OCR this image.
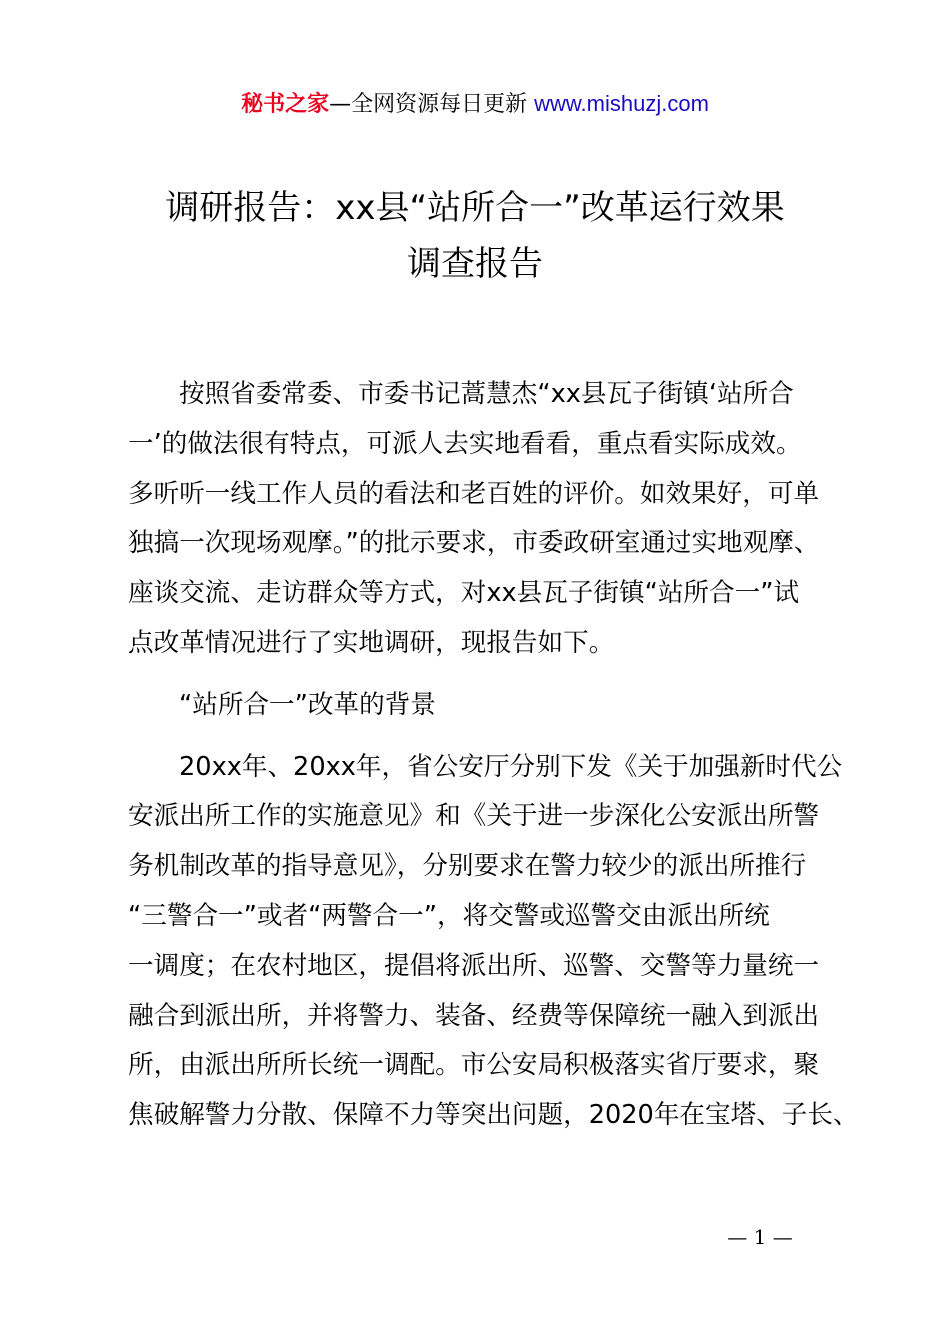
秘书之家—全网资源每日更新 www.mishuzj.com
调研报告：xx县“站所合一”改革运行效果
调查报告

按照省委常委、市委书记蒿慧杰“xx县瓦子街镇‘站所合
一’的做法很有特点，可派人去实地看看，重点看实际成效。
多听听一线工作人员的看法和老百姓的评价。如效果好，可单
独搞一次现场观摩。”的批示要求，市委政研室通过实地观摩、
座谈交流、走访群众等方式，对xx县瓦子街镇“站所合一”试
点改革情况进行了实地调研，现报告如下。

“站所合一”改革的背景

20xx年、20xx年，省公安厅分别下发《关于加强新时代公
安派出所工作的实施意见》和《关于进一步深化公安派出所警
务机制改革的指导意见》，分别要求在警力较少的派出所推行
“三警合一”或者“两警合一”，将交警或巡警交由派出所统
一调度；在农村地区，提倡将派出所、巡警、交警等力量统一
融合到派出所，并将警力、装备、经费等保障统一融入到派出
所，由派出所所长统一调配。市公安局积极落实省厅要求，聚
焦破解警力分散、保障不力等突出问题，2020年在宝塔、子长、

— 1 —
